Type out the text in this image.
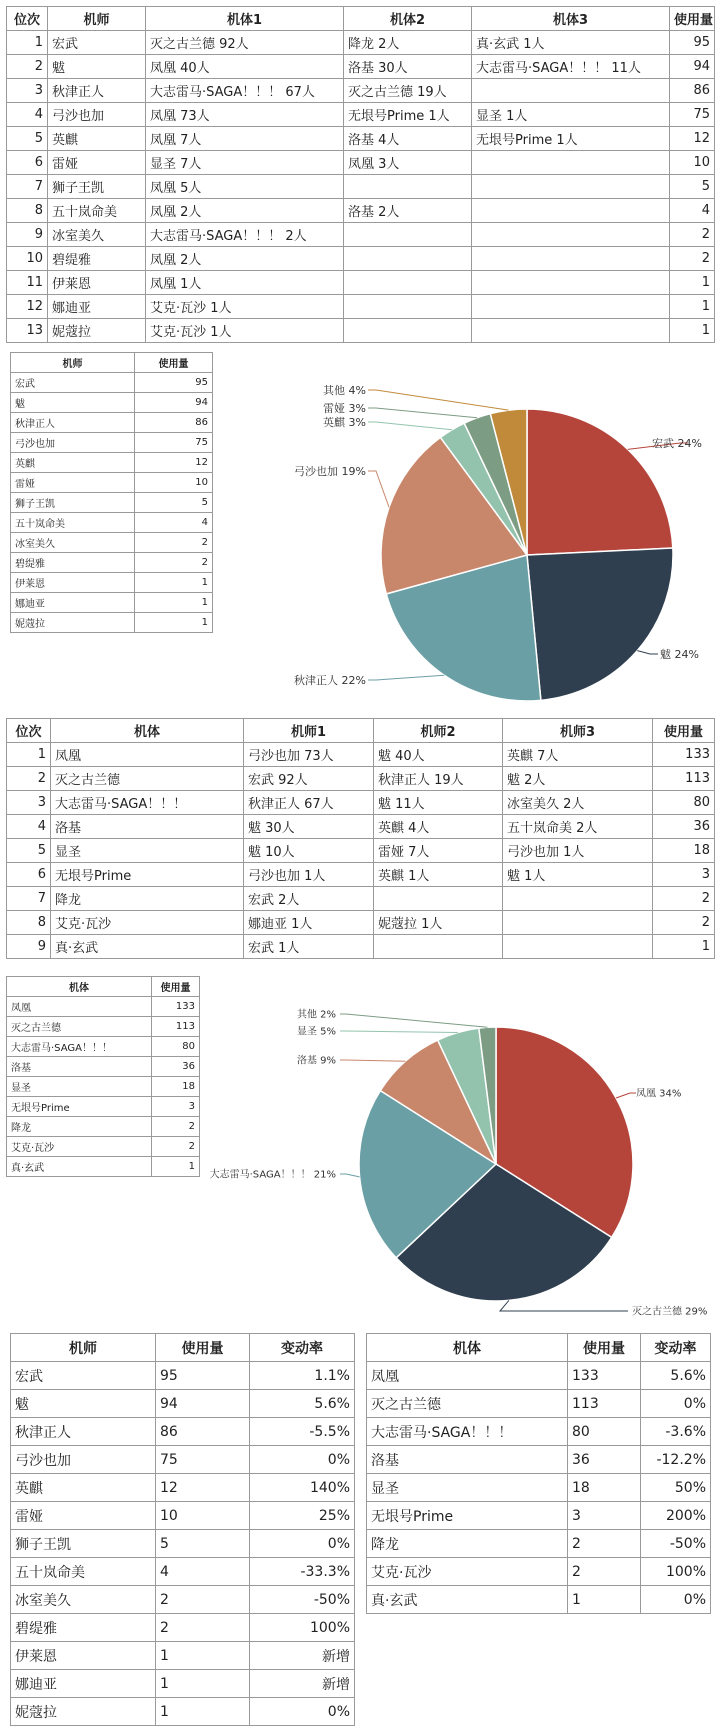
位次	机师	机体1	机体2	机体3	使用量
1	宏武	灭之古兰德 92人	降龙 2人	真·玄武 1人	95
2	魃	凤凰 40人	洛基 30人	大志雷马·SAGA！！！ 11人	94
3	秋津正人	大志雷马·SAGA！！！ 67人	灭之古兰德 19人		86
4	弓沙也加	凤凰 73人	无垠号Prime 1人	显圣 1人	75
5	英麒	凤凰 7人	洛基 4人	无垠号Prime 1人	12
6	雷娅	显圣 7人	凤凰 3人		10
7	狮子王凯	凤凰 5人			5
8	五十岚命美	凤凰 2人	洛基 2人		4
9	冰室美久	大志雷马·SAGA！！！ 2人			2
10	碧缇雅	凤凰 2人			2
11	伊莱恩	凤凰 1人			1
12	娜迪亚	艾克·瓦沙 1人			1
13	妮蔻拉	艾克·瓦沙 1人			1
机师	使用量
宏武	95
魃	94
秋津正人	86
弓沙也加	75
英麒	12
雷娅	10
狮子王凯	5
五十岚命美	4
冰室美久	2
碧缇雅	2
伊莱恩	1
娜迪亚	1
妮蔻拉	1
宏武 24%
魃 24%
秋津正人 22%
弓沙也加 19%
英麒 3%
雷娅 3%
其他 4%
位次	机体	机师1	机师2	机师3	使用量
1	凤凰	弓沙也加 73人	魃 40人	英麒 7人	133
2	灭之古兰德	宏武 92人	秋津正人 19人	魃 2人	113
3	大志雷马·SAGA！！！	秋津正人 67人	魃 11人	冰室美久 2人	80
4	洛基	魃 30人	英麒 4人	五十岚命美 2人	36
5	显圣	魃 10人	雷娅 7人	弓沙也加 1人	18
6	无垠号Prime	弓沙也加 1人	英麒 1人	魃 1人	3
7	降龙	宏武 2人			2
8	艾克·瓦沙	娜迪亚 1人	妮蔻拉 1人		2
9	真·玄武	宏武 1人			1
机体	使用量
凤凰	133
灭之古兰德	113
大志雷马·SAGA！！！	80
洛基	36
显圣	18
无垠号Prime	3
降龙	2
艾克·瓦沙	2
真·玄武	1
凤凰 34%
灭之古兰德 29%
大志雷马·SAGA！！！ 21%
洛基 9%
显圣 5%
其他 2%
机师	使用量	变动率
宏武	95	1.1%
魃	94	5.6%
秋津正人	86	-5.5%
弓沙也加	75	0%
英麒	12	140%
雷娅	10	25%
狮子王凯	5	0%
五十岚命美	4	-33.3%
冰室美久	2	-50%
碧缇雅	2	100%
伊莱恩	1	新增
娜迪亚	1	新增
妮蔻拉	1	0%
机体	使用量	变动率
凤凰	133	5.6%
灭之古兰德	113	0%
大志雷马·SAGA！！！	80	-3.6%
洛基	36	-12.2%
显圣	18	50%
无垠号Prime	3	200%
降龙	2	-50%
艾克·瓦沙	2	100%
真·玄武	1	0%
